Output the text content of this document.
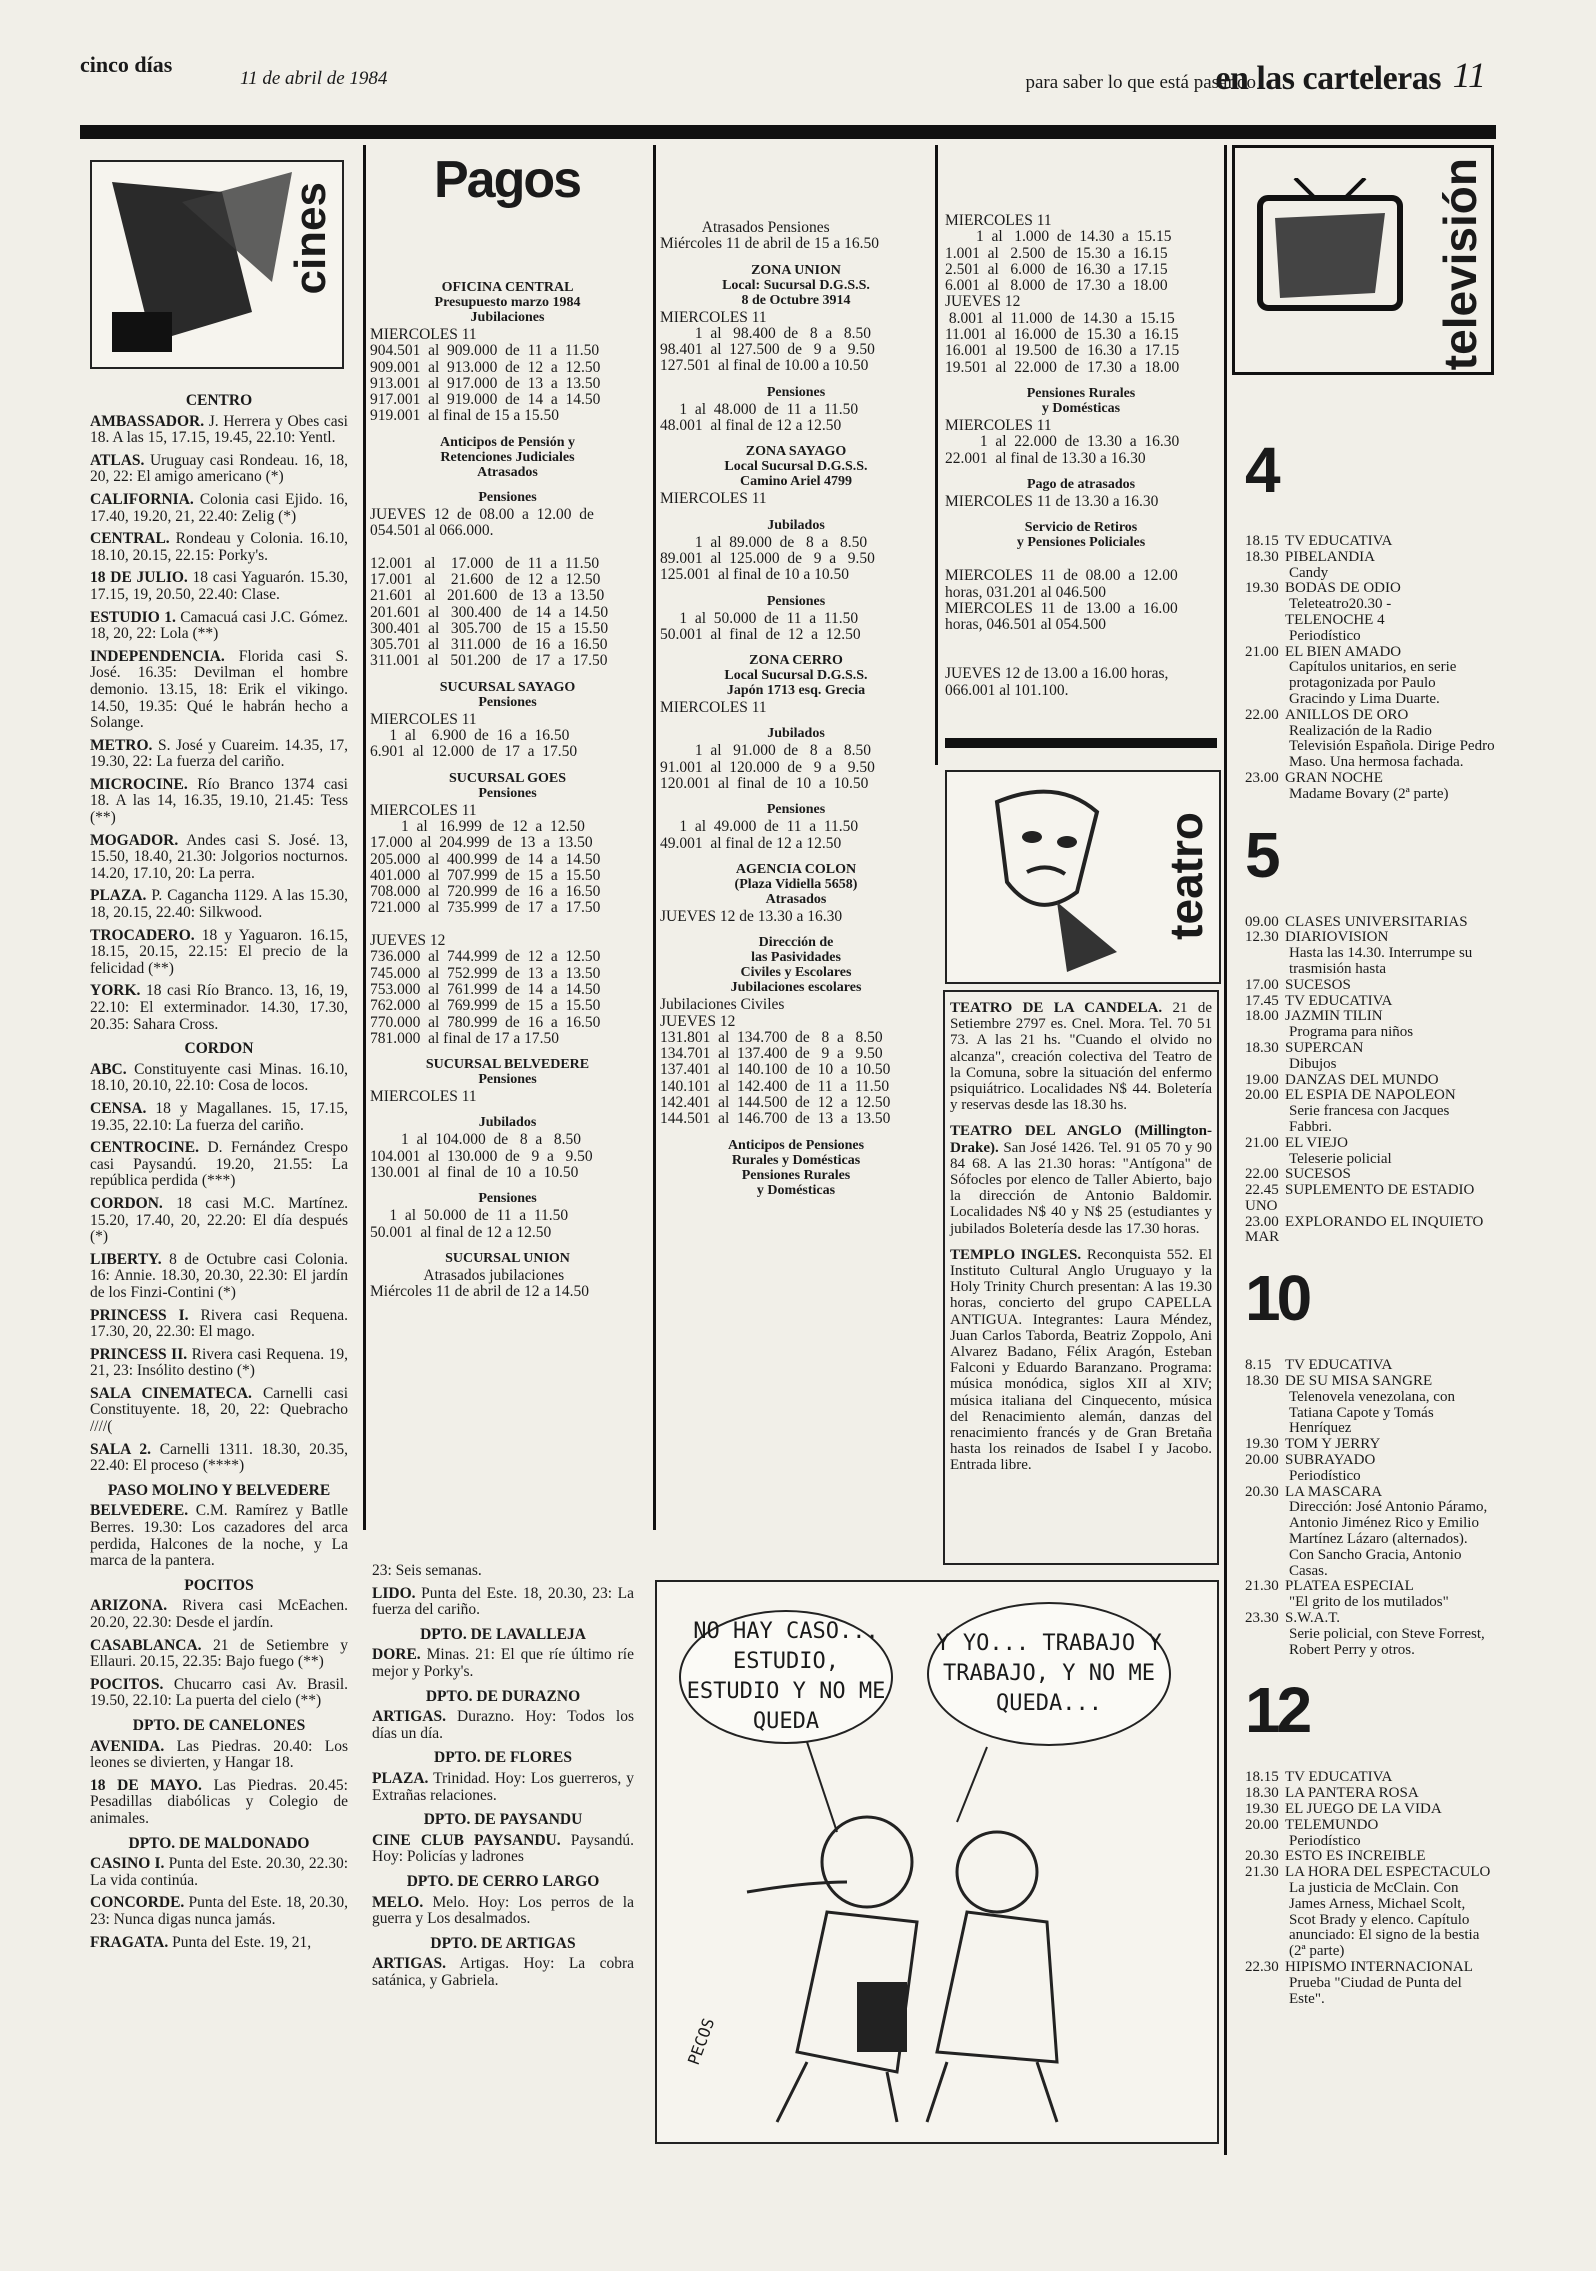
cinco días
11 de abril de 1984	para saber lo que está pasando
en las carteleras 11
cines
CENTRO

AMBASSADOR. J. Herrera y Obes casi 18. A las 15, 17.15, 19.45, 22.10: Yentl.

ATLAS. Uruguay casi Rondeau. 16, 18, 20, 22: El amigo americano (*)

CALIFORNIA. Colonia casi Ejido. 16, 17.40, 19.20, 21, 22.40: Zelig (*)

CENTRAL. Rondeau y Colonia. 16.10, 18.10, 20.15, 22.15: Porky's.

18 DE JULIO. 18 casi Yaguarón. 15.30, 17.15, 19, 20.50, 22.40: Clase.

ESTUDIO 1. Camacuá casi J.C. Gómez. 18, 20, 22: Lola (**)

INDEPENDENCIA. Florida casi S. José. 16.35: Devilman el hombre demonio. 13.15, 18: Erik el vikingo. 14.50, 19.35: Qué le habrán hecho a Solange.

METRO. S. José y Cuareim. 14.35, 17, 19.30, 22: La fuerza del cariño.

MICROCINE. Río Branco 1374 casi 18. A las 14, 16.35, 19.10, 21.45: Tess (**)

MOGADOR. Andes casi S. José. 13, 15.50, 18.40, 21.30: Jolgorios nocturnos. 14.20, 17.10, 20: La perra.

PLAZA. P. Cagancha 1129. A las 15.30, 18, 20.15, 22.40: Silkwood.

TROCADERO. 18 y Yaguaron. 16.15, 18.15, 20.15, 22.15: El precio de la felicidad (**)

YORK. 18 casi Río Branco. 13, 16, 19, 22.10: El exterminador. 14.30, 17.30, 20.35: Sahara Cross.

CORDON

ABC. Constituyente casi Minas. 16.10, 18.10, 20.10, 22.10: Cosa de locos.

CENSA. 18 y Magallanes. 15, 17.15, 19.35, 22.10: La fuerza del cariño.

CENTROCINE. D. Fernández Crespo casi Paysandú. 19.20, 21.55: La república perdida (***)

CORDON. 18 casi M.C. Martínez. 15.20, 17.40, 20, 22.20: El día después (*)

LIBERTY. 8 de Octubre casi Colonia. 16: Annie. 18.30, 20.30, 22.30: El jardín de los Finzi-Contini (*)

PRINCESS I. Rivera casi Requena. 17.30, 20, 22.30: El mago.

PRINCESS II. Rivera casi Requena. 19, 21, 23: Insólito destino (*)

SALA CINEMATECA. Carnelli casi Constituyente. 18, 20, 22: Quebracho ////(

SALA 2. Carnelli 1311. 18.30, 20.35, 22.40: El proceso (****)

PASO MOLINO Y BELVEDERE

BELVEDERE. C.M. Ramírez y Batlle Berres. 19.30: Los cazadores del arca perdida, Halcones de la noche, y La marca de la pantera.

POCITOS

ARIZONA. Rivera casi McEachen. 20.20, 22.30: Desde el jardín.

CASABLANCA. 21 de Setiembre y Ellauri. 20.15, 22.35: Bajo fuego (**)

POCITOS. Chucarro casi Av. Brasil. 19.50, 22.10: La puerta del cielo (**)

DPTO. DE CANELONES

AVENIDA. Las Piedras. 20.40: Los leones se divierten, y Hangar 18.

18 DE MAYO. Las Piedras. 20.45: Pesadillas diabólicas y Colegio de animales.

DPTO. DE MALDONADO

CASINO I. Punta del Este. 20.30, 22.30: La vida continúa.

CONCORDE. Punta del Este. 18, 20.30, 23: Nunca digas nunca jamás.

FRAGATA. Punta del Este. 19, 21,

23: Seis semanas.

LIDO. Punta del Este. 18, 20.30, 23: La fuerza del cariño.

DPTO. DE LAVALLEJA

DORE. Minas. 21: El que ríe último ríe mejor y Porky's.

DPTO. DE DURAZNO

ARTIGAS. Durazno. Hoy: Todos los días un día.

DPTO. DE FLORES

PLAZA. Trinidad. Hoy: Los guerreros, y Extrañas relaciones.

DPTO. DE PAYSANDU

CINE CLUB PAYSANDU. Paysandú. Hoy: Policías y ladrones

DPTO. DE CERRO LARGO

MELO. Melo. Hoy: Los perros de la guerra y Los desalmados.

DPTO. DE ARTIGAS

ARTIGAS. Artigas. Hoy: La cobra satánica, y Gabriela.

Pagos
OFICINA CENTRAL
Presupuesto marzo 1984
Jubilaciones
MIERCOLES 11
904.501  al  909.000  de  11  a  11.50
909.001  al  913.000  de  12  a  12.50
913.001  al  917.000  de  13  a  13.50
917.001  al  919.000  de  14  a  14.50
919.001  al final de 15 a 15.50
Anticipos de Pensión y
Retenciones Judiciales
Atrasados
Pensiones
JUEVES  12  de  08.00  a  12.00  de
054.501 al 066.000.

12.001   al    17.000   de  11  a  11.50
17.001   al    21.600   de  12  a  12.50
21.601   al   201.600   de  13  a  13.50
201.601  al   300.400   de  14  a  14.50
300.401  al   305.700   de  15  a  15.50
305.701  al   311.000   de  16  a  16.50
311.001  al   501.200   de  17  a  17.50
SUCURSAL SAYAGO
Pensiones
MIERCOLES 11
1  al    6.900  de  16  a  16.50
6.901  al  12.000  de  17  a  17.50
SUCURSAL GOES
Pensiones
MIERCOLES 11
1  al   16.999  de  12  a  12.50
17.000  al  204.999  de  13  a  13.50
205.000  al  400.999  de  14  a  14.50
401.000  al  707.999  de  15  a  15.50
708.000  al  720.999  de  16  a  16.50
721.000  al  735.999  de  17  a  17.50

JUEVES 12
736.000  al  744.999  de  12  a  12.50
745.000  al  752.999  de  13  a  13.50
753.000  al  761.999  de  14  a  14.50
762.000  al  769.999  de  15  a  15.50
770.000  al  780.999  de  16  a  16.50
781.000  al final de 17 a 17.50
SUCURSAL BELVEDERE
Pensiones
MIERCOLES 11
Jubilados
1  al  104.000  de   8  a   8.50
104.001  al  130.000  de   9  a   9.50
130.001  al  final  de  10  a  10.50
Pensiones
1  al  50.000  de  11  a  11.50
50.001  al final de 12 a 12.50
SUCURSAL UNION
Atrasados jubilaciones
Miércoles 11 de abril de 12 a 14.50
Atrasados Pensiones
Miércoles 11 de abril de 15 a 16.50
ZONA UNION
Local: Sucursal D.G.S.S.
8 de Octubre 3914
MIERCOLES 11
1  al   98.400  de   8  a   8.50
98.401  al  127.500  de   9  a   9.50
127.501  al final de 10.00 a 10.50
Pensiones
1  al  48.000  de  11  a  11.50
48.001  al final de 12 a 12.50
ZONA SAYAGO
Local Sucursal D.G.S.S.
Camino Ariel 4799
MIERCOLES 11
Jubilados
1  al  89.000  de   8  a   8.50
89.001  al  125.000  de   9  a   9.50
125.001  al final de 10 a 10.50
Pensiones
1  al  50.000  de  11  a  11.50
50.001  al  final  de  12  a  12.50
ZONA CERRO
Local Sucursal D.G.S.S.
Japón 1713 esq. Grecia
MIERCOLES 11
Jubilados
1  al   91.000  de   8  a   8.50
91.001  al  120.000  de   9  a   9.50
120.001  al  final  de  10  a  10.50
Pensiones
1  al  49.000  de  11  a  11.50
49.001  al final de 12 a 12.50
AGENCIA COLON
(Plaza Vidiella 5658)
Atrasados
JUEVES 12 de 13.30 a 16.30
Dirección de
las Pasividades
Civiles y Escolares
Jubilaciones escolares
Jubilaciones Civiles
JUEVES 12
131.801  al  134.700  de   8  a   8.50
134.701  al  137.400  de   9  a   9.50
137.401  al  140.100  de  10  a  10.50
140.101  al  142.400  de  11  a  11.50
142.401  al  144.500  de  12  a  12.50
144.501  al  146.700  de  13  a  13.50
Anticipos de Pensiones
Rurales y Domésticas
Pensiones Rurales
y Domésticas
MIERCOLES 11
1  al   1.000  de  14.30  a  15.15
1.001  al   2.500  de  15.30  a  16.15
2.501  al   6.000  de  16.30  a  17.15
6.001  al   8.000  de  17.30  a  18.00
JUEVES 12
8.001  al  11.000  de  14.30  a  15.15
11.001  al  16.000  de  15.30  a  16.15
16.001  al  19.500  de  16.30  a  17.15
19.501  al  22.000  de  17.30  a  18.00
Pensiones Rurales
y Domésticas
MIERCOLES 11
1  al  22.000  de  13.30  a  16.30
22.001  al final de 13.30 a 16.30
Pago de atrasados
MIERCOLES 11 de 13.30 a 16.30
Servicio de Retiros
y Pensiones Policiales

MIERCOLES  11  de  08.00  a  12.00
horas, 031.201 al 046.500
MIERCOLES  11  de  13.00  a  16.00
horas, 046.501 al 054.500

JUEVES 12 de 13.00 a 16.00 horas,
066.001 al 101.100.
teatro

TEATRO DE LA CANDELA. 21 de Setiembre 2797 es. Cnel. Mora. Tel. 70 51 73. A las 21 hs. "Cuando el olvido no alcanza", creación colectiva del Teatro de la Comuna, sobre la situación del enfermo psiquiátrico. Localidades N$ 44. Boletería y reservas desde las 18.30 hs.

TEATRO DEL ANGLO (Millington-Drake). San José 1426. Tel. 91 05 70 y 90 84 68. A las 21.30 horas: "Antígona" de Sófocles por elenco de Taller Abierto, bajo la dirección de Antonio Baldomir. Localidades N$ 40 y N$ 25 (estudiantes y jubilados Boletería desde las 17.30 horas.

TEMPLO INGLES. Reconquista 552. El Instituto Cultural Anglo Uruguayo y la Holy Trinity Church presentan: A las 19.30 horas, concierto del grupo CAPELLA ANTIGUA. Integrantes: Laura Méndez, Juan Carlos Taborda, Beatriz Zoppolo, Ani Alvarez Badano, Félix Aragón, Esteban Falconi y Eduardo Baranzano. Programa: música monódica, siglos XII al XIV; música italiana del Cinquecento, música del Renacimiento alemán, danzas del renacimiento francés y de Gran Bretaña hasta los reinados de Isabel I y Jacobo. Entrada libre.

NO HAY CASO... ESTUDIO, ESTUDIO Y NO ME QUEDA
Y YO... TRABAJO Y TRABAJO, Y NO ME QUEDA...
PECOS
televisión
4
18.15 TV EDUCATIVA
18.30 PIBELANDIA
Candy
19.30 BODAS DE ODIO
Teleteatro20.30 -
TELENOCHE 4
Periodístico
21.00 EL BIEN AMADO
Capítulos unitarios, en serie protagonizada por Paulo Gracindo y Lima Duarte.
22.00 ANILLOS DE ORO
Realización de la Radio Televisión Española. Dirige Pedro Maso. Una hermosa fachada.
23.00 GRAN NOCHE
Madame Bovary (2ª parte)
5
09.00 CLASES UNIVERSITARIAS
12.30 DIARIOVISION
Hasta las 14.30. Interrumpe su trasmisión hasta
17.00 SUCESOS
17.45 TV EDUCATIVA
18.00 JAZMIN TILIN
Programa para niños
18.30 SUPERCAN
Dibujos
19.00 DANZAS DEL MUNDO
20.00 EL ESPIA DE NAPOLEON
Serie francesa con Jacques Fabbri.
21.00 EL VIEJO
Teleserie policial
22.00 SUCESOS
22.45 SUPLEMENTO DE ESTADIO UNO
23.00 EXPLORANDO EL INQUIETO MAR
10
8.15 TV EDUCATIVA
18.30 DE SU MISA SANGRE
Telenovela venezolana, con Tatiana Capote y Tomás Henríquez
19.30 TOM Y JERRY
20.00 SUBRAYADO
Periodístico
20.30 LA MASCARA
Dirección: José Antonio Páramo, Antonio Jiménez Rico y Emilio Martínez Lázaro (alternados). Con Sancho Gracia, Antonio Casas.
21.30 PLATEA ESPECIAL
"El grito de los mutilados"
23.30 S.W.A.T.
Serie policial, con Steve Forrest, Robert Perry y otros.
12
18.15 TV EDUCATIVA
18.30 LA PANTERA ROSA
19.30 EL JUEGO DE LA VIDA
20.00 TELEMUNDO
Periodístico
20.30 ESTO ES INCREIBLE
21.30 LA HORA DEL ESPECTACULO
La justicia de McClain. Con James Arness, Michael Scolt, Scot Brady y elenco. Capítulo anunciado: El signo de la bestia (2ª parte)
22.30 HIPISMO INTERNACIONAL
Prueba "Ciudad de Punta del Este".
